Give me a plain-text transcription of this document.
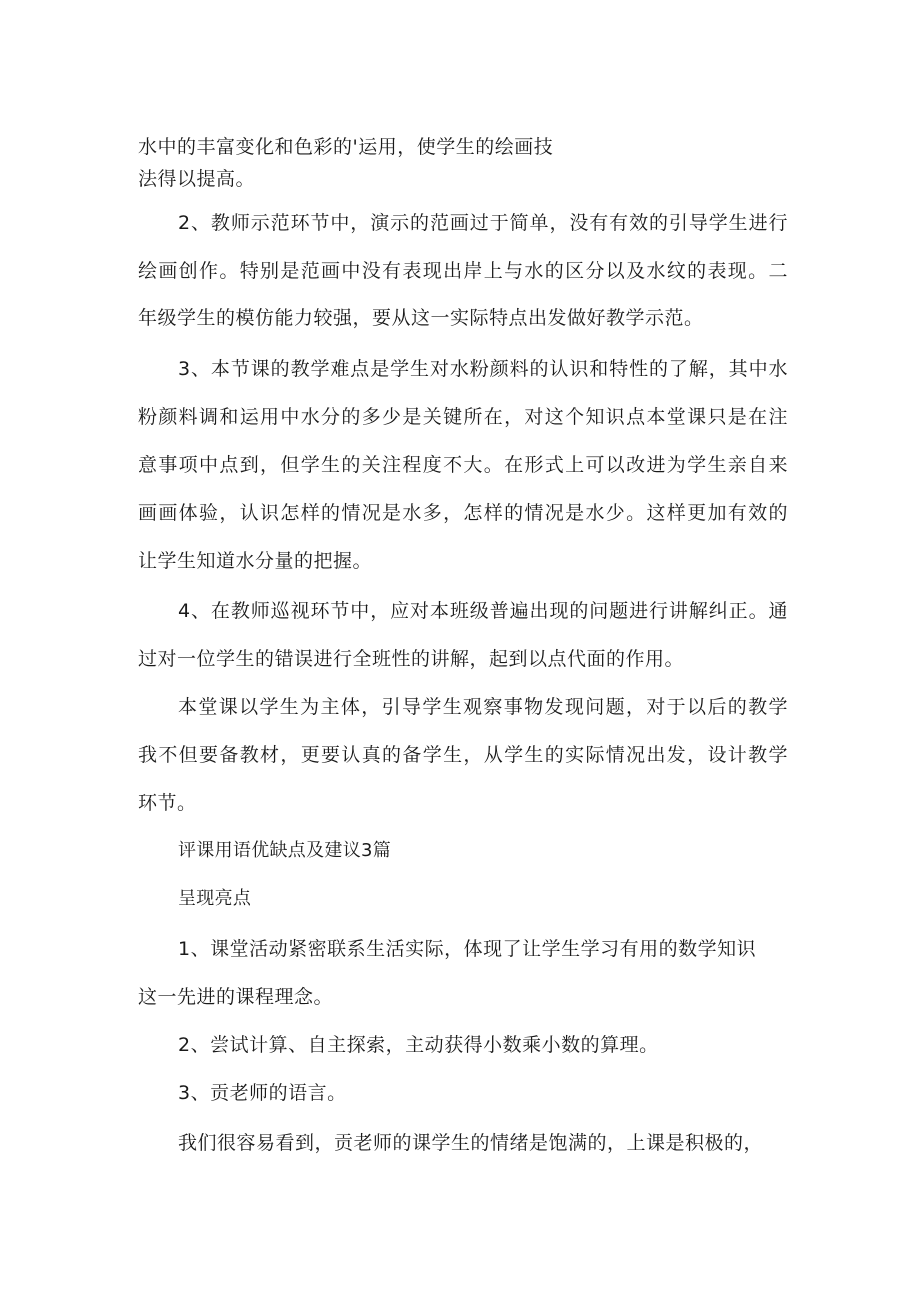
水中的丰富变化和色彩的'运用，使学生的绘画技
法得以提高。
2、教师示范环节中，演示的范画过于简单，没有有效的引导学生进行
绘画创作。特别是范画中没有表现出岸上与水的区分以及水纹的表现。二
年级学生的模仿能力较强，要从这一实际特点出发做好教学示范。
3、本节课的教学难点是学生对水粉颜料的认识和特性的了解，其中水
粉颜料调和运用中水分的多少是关键所在，对这个知识点本堂课只是在注
意事项中点到，但学生的关注程度不大。在形式上可以改进为学生亲自来
画画体验，认识怎样的情况是水多，怎样的情况是水少。这样更加有效的
让学生知道水分量的把握。
4、在教师巡视环节中，应对本班级普遍出现的问题进行讲解纠正。通
过对一位学生的错误进行全班性的讲解，起到以点代面的作用。
本堂课以学生为主体，引导学生观察事物发现问题，对于以后的教学
我不但要备教材，更要认真的备学生，从学生的实际情况出发，设计教学
环节。
评课用语优缺点及建议3篇
呈现亮点
1、课堂活动紧密联系生活实际，体现了让学生学习有用的数学知识
这一先进的课程理念。
2、尝试计算、自主探索，主动获得小数乘小数的算理。
3、贡老师的语言。
我们很容易看到，贡老师的课学生的情绪是饱满的，上课是积极的，
